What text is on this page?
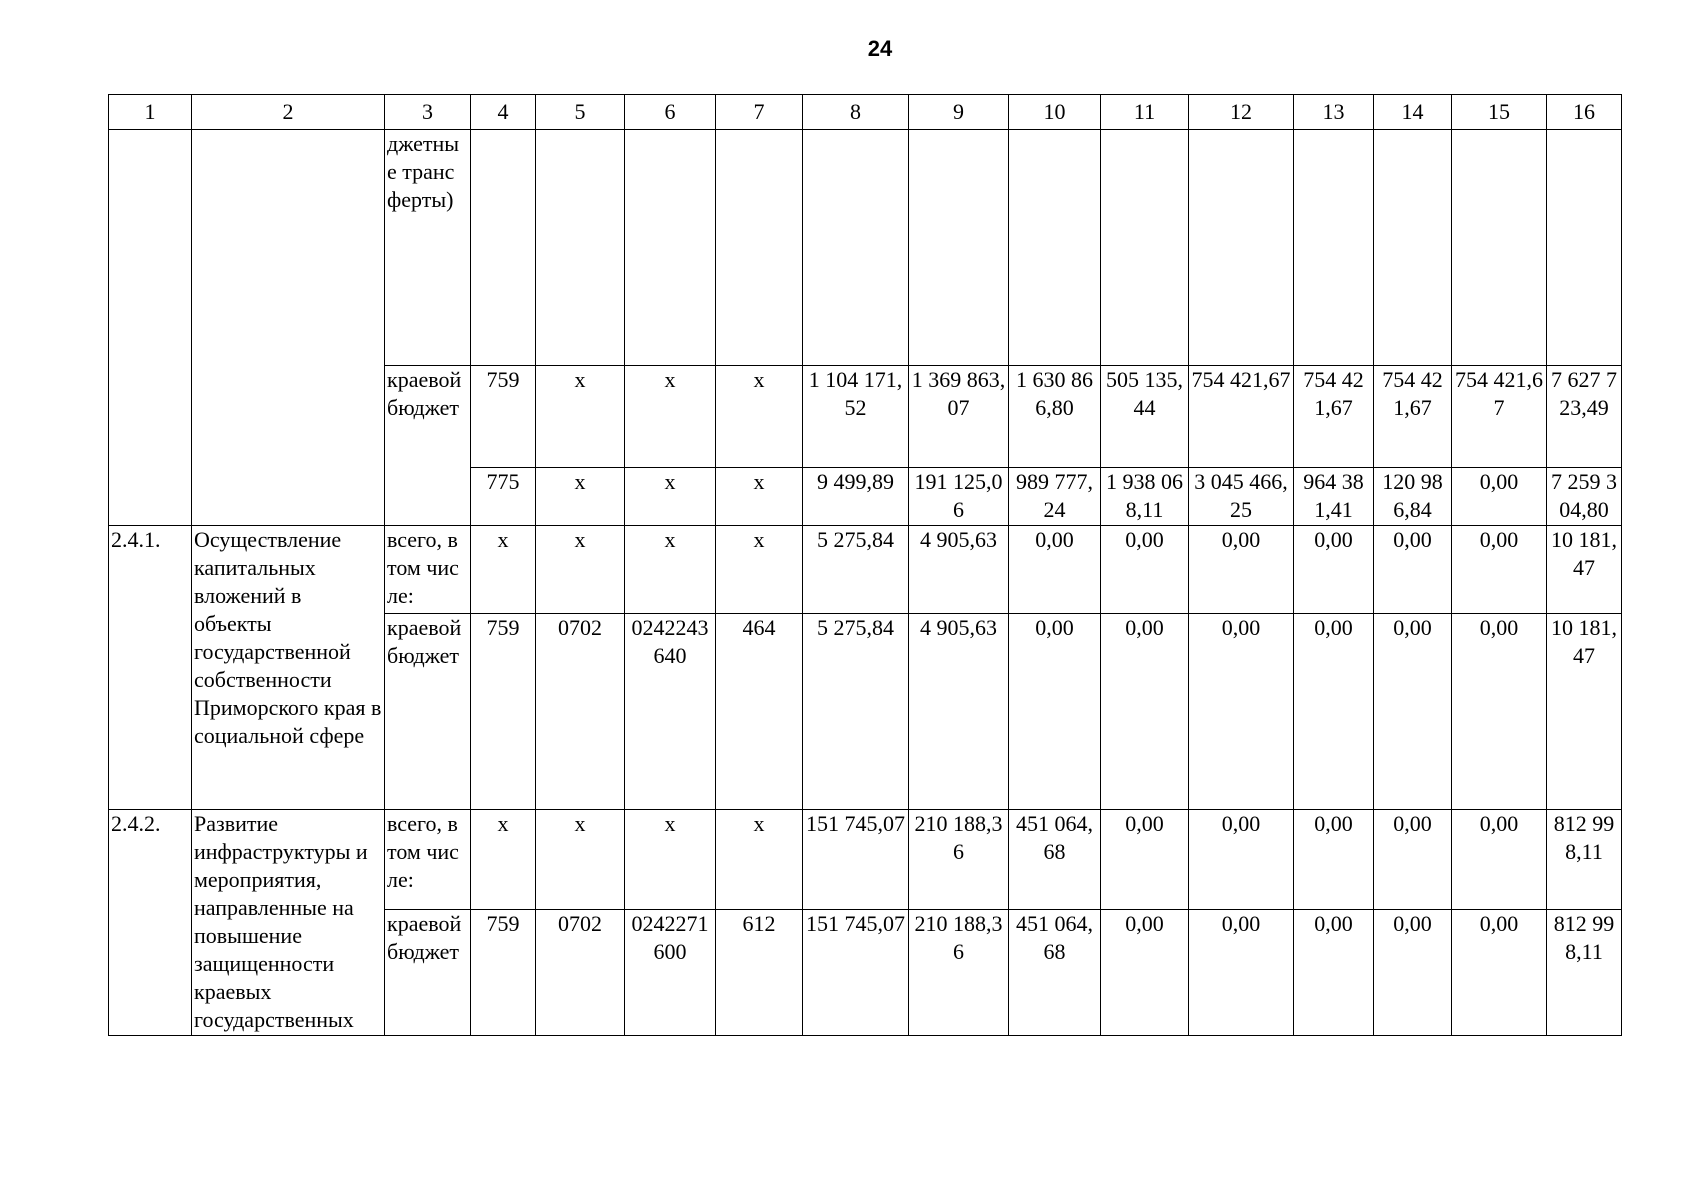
24
1	2	3	4	5	6	7	8	9	10	11	12	13	14	15	16
		джетные трансферты)													
		краевой бюджет	759	x	x	x	1 104 171,52	1 369 863,07	1 630 866,80	505 135,44	754 421,67	754 421,67	754 421,67	754 421,67	7 627 723,49
			775	x	x	x	9 499,89	191 125,06	989 777,24	1 938 068,11	3 045 466,25	964 381,41	120 986,84	0,00	7 259 304,80
2.4.1.	Осуществление капитальных вложений в объекты государственной собственности Приморского края в социальной сфере	всего, в том числе:	x	x	x	x	5 275,84	4 905,63	0,00	0,00	0,00	0,00	0,00	0,00	10 181,47
		краевой бюджет	759	0702	0242243640	464	5 275,84	4 905,63	0,00	0,00	0,00	0,00	0,00	0,00	10 181,47
2.4.2.	Развитие инфраструктуры и мероприятия, направленные на повышение защищенности краевых государственных	всего, в том числе:	x	x	x	x	151 745,07	210 188,36	451 064,68	0,00	0,00	0,00	0,00	0,00	812 998,11
		краевой бюджет	759	0702	0242271600	612	151 745,07	210 188,36	451 064,68	0,00	0,00	0,00	0,00	0,00	812 998,11
